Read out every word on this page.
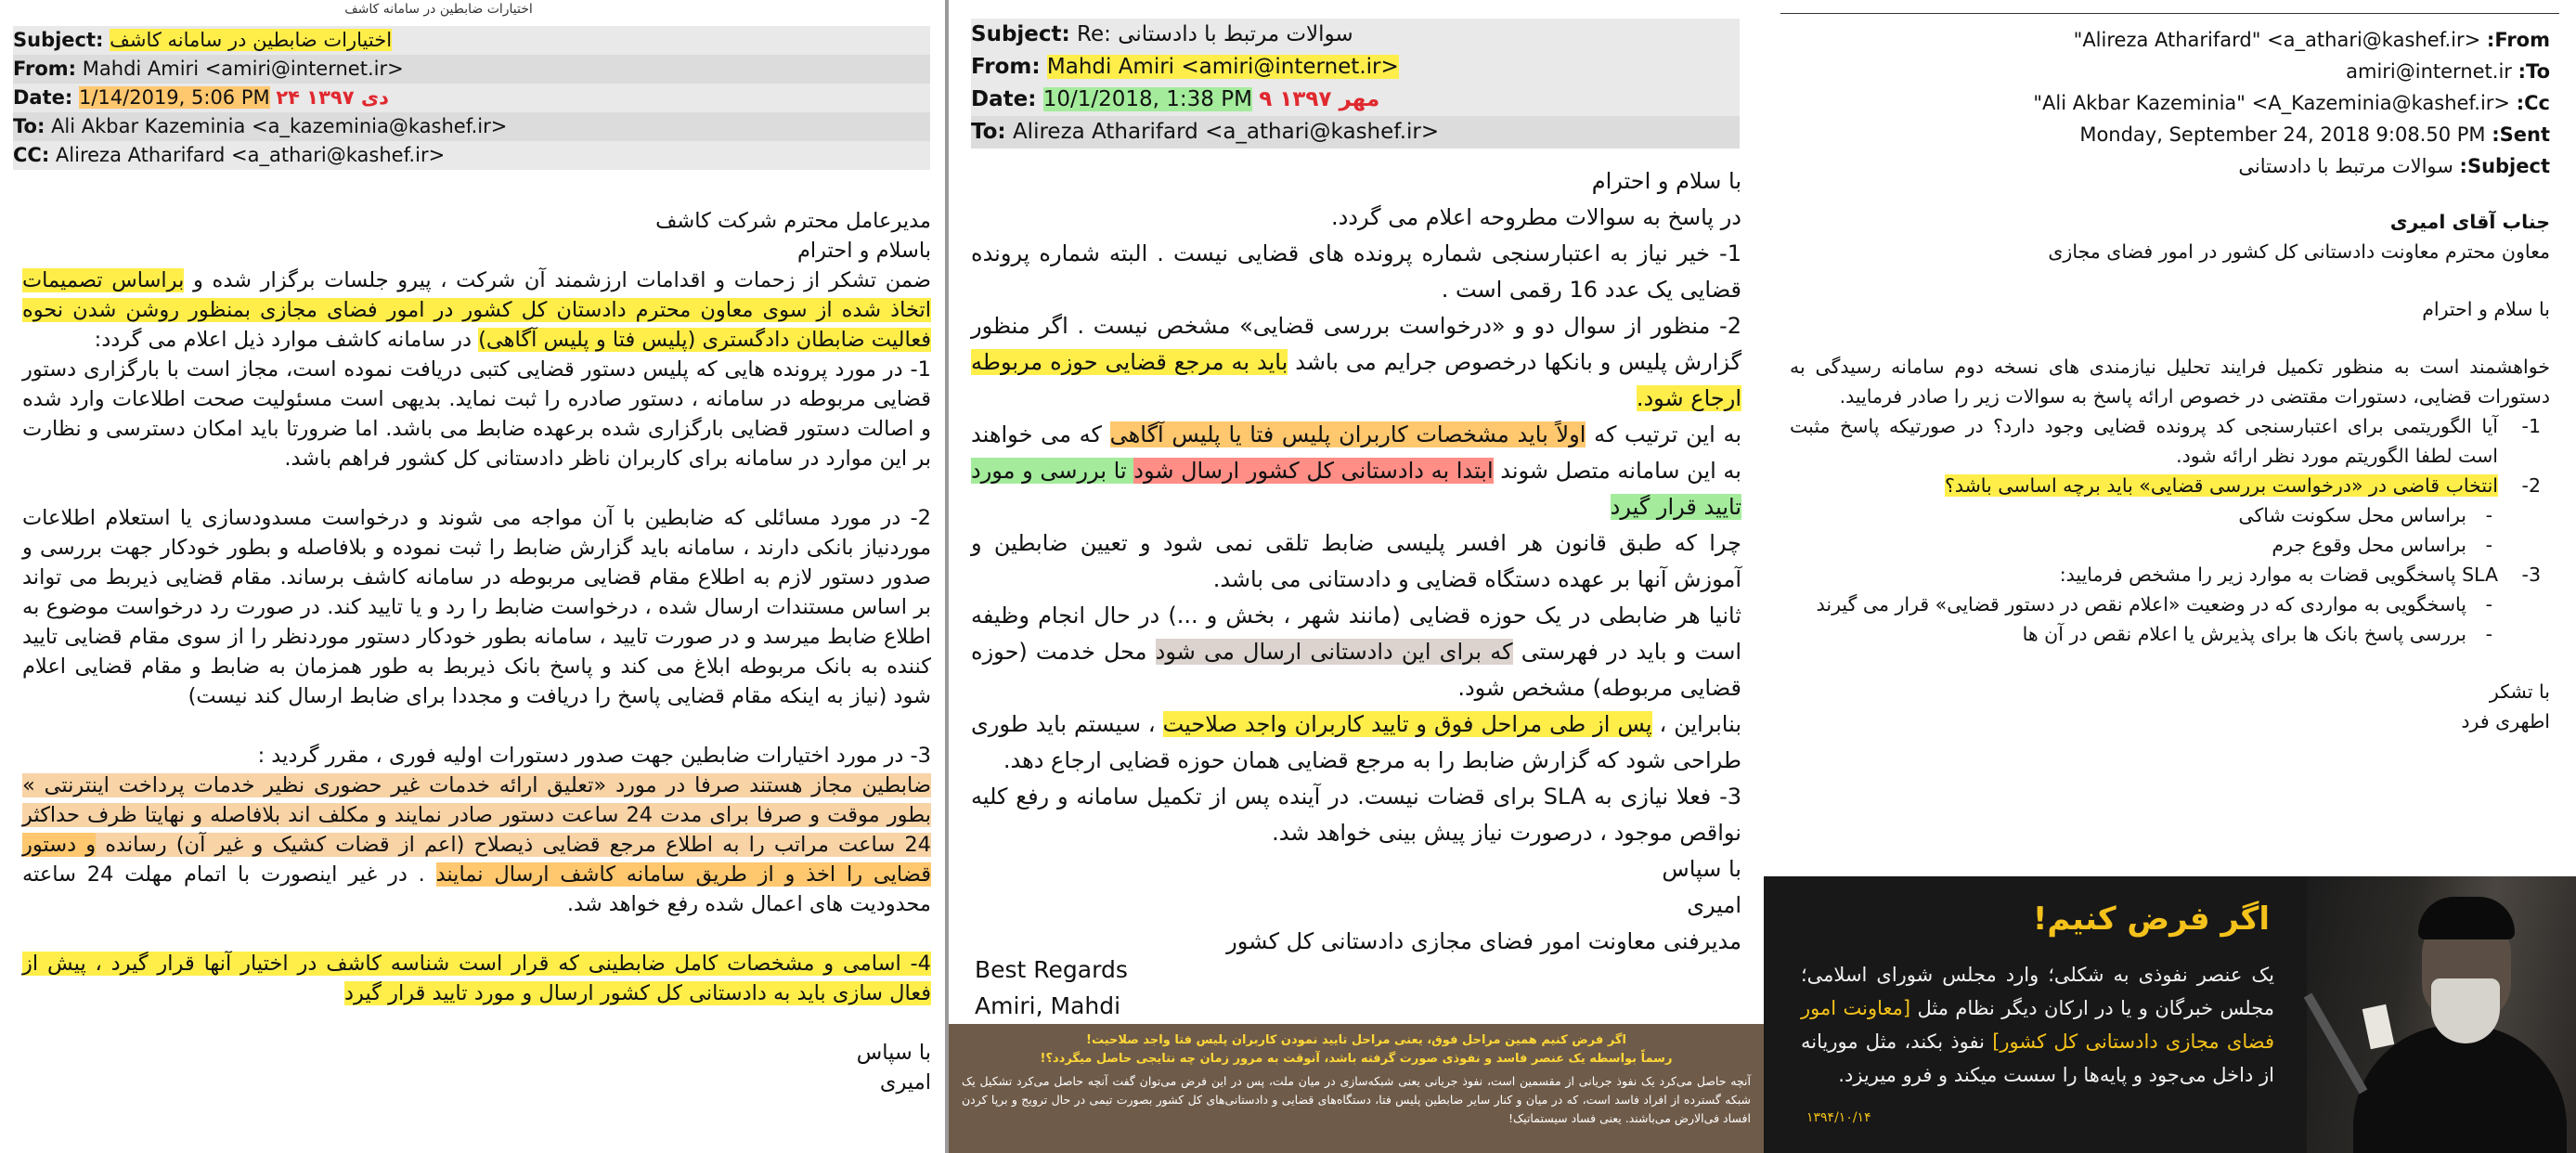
اختیارات ضابطین در سامانه کاشف
Subject: اختیارات ضابطین در سامانه کاشف
From: Mahdi Amiri <amiri@internet.ir>
Date: 1/14/2019, 5:06 PM ۲۴ دی ۱۳۹۷
To: Ali Akbar Kazeminia <a_kazeminia@kashef.ir>
CC: Alireza Atharifard <a_athari@kashef.ir>

مدیرعامل محترم شرکت کاشف

باسلام و احترام

ضمن تشکر از زحمات و اقدامات ارزشمند آن شرکت ، پیرو جلسات برگزار شده و براساس تصمیمات اتخاذ شده از سوی معاون محترم دادستان کل کشور در امور فضای مجازی بمنظور روشن شدن نحوه فعالیت ضابطان دادگستری (پلیس فتا و پلیس آگاهی) در سامانه کاشف موارد ذیل اعلام می گردد:

1- در مورد پرونده هایی که پلیس دستور قضایی کتبی دریافت نموده است، مجاز است با بارگزاری دستور قضایی مربوطه در سامانه ، دستور صادره را ثبت نماید. بدیهی است مسئولیت صحت اطلاعات وارد شده و اصالت دستور قضایی بارگزاری شده برعهده ضابط می باشد. اما ضرورتا باید امکان دسترسی و نظارت بر این موارد در سامانه برای کاربران ناظر دادستانی کل کشور فراهم باشد.

2- در مورد مسائلی که ضابطین با آن مواجه می شوند و درخواست مسدودسازی یا استعلام اطلاعات موردنیاز بانکی دارند ، سامانه باید گزارش ضابط را ثبت نموده و بلافاصله و بطور خودکار جهت بررسی و صدور دستور لازم به اطلاع مقام قضایی مربوطه در سامانه کاشف برساند. مقام قضایی ذیربط می تواند بر اساس مستندات ارسال شده ، درخواست ضابط را رد و یا تایید کند. در صورت رد درخواست موضوع به اطلاع ضابط میرسد و در صورت تایید ، سامانه بطور خودکار دستور موردنظر را از سوی مقام قضایی تایید کننده به بانک مربوطه ابلاغ می کند و پاسخ بانک ذیربط به طور همزمان به ضابط و مقام قضایی اعلام شود (نیاز به اینکه مقام قضایی پاسخ را دریافت و مجددا برای ضابط ارسال کند نیست)

3- در مورد اختیارات ضابطین جهت صدور دستورات اولیه فوری ، مقرر گردید :

ضابطین مجاز هستند صرفا در مورد «تعلیق ارائه خدمات غیر حضوری نظیر خدمات پرداخت اینترنتی » بطور موقت و صرفا برای مدت 24 ساعت دستور صادر نمایند و مکلف اند بلافاصله و نهایتا ظرف حداکثر 24 ساعت مراتب را به اطلاع مرجع قضایی ذیصلاح (اعم از قضات کشیک و غیر آن) رسانده و دستور قضایی را اخذ و از طریق سامانه کاشف ارسال نمایند . در غیر اینصورت با اتمام مهلت 24 ساعته محدودیت های اعمال شده رفع خواهد شد.

4- اسامی و مشخصات کامل ضابطینی که قرار است شناسه کاشف در اختیار آنها قرار گیرد ، پیش از فعال سازی باید به دادستانی کل کشور ارسال و مورد تایید قرار گیرد

با سپاس

امیری

Subject: Re: سوالات مرتبط با دادستانی
From: Mahdi Amiri <amiri@internet.ir>
Date: 10/1/2018, 1:38 PM ۹ مهر ۱۳۹۷
To: Alireza Atharifard <a_athari@kashef.ir>

با سلام و احترام

در پاسخ به سوالات مطروحه اعلام می گردد.

1- خیر نیاز به اعتبارسنجی شماره پرونده های قضایی نیست . البته شماره پرونده قضایی یک عدد 16 رقمی است .

2- منظور از سوال دو و «درخواست بررسی قضایی» مشخص نیست . اگر منظور گزارش پلیس و بانکها درخصوص جرایم می باشد باید به مرجع قضایی حوزه مربوطه ارجاع شود.

به این ترتیب که اولاً باید مشخصات کاربران پلیس فتا یا پلیس آگاهی که می خواهند به این سامانه متصل شوند ابتدا به دادستانی کل کشور ارسال شود تا بررسی و مورد تایید قرار گیرد

چرا که طبق قانون هر افسر پلیسی ضابط تلقی نمی شود و تعیین ضابطین و آموزش آنها بر عهده دستگاه قضایی و دادستانی می باشد.

ثانیا هر ضابطی در یک حوزه قضایی (مانند شهر ، بخش و ...) در حال انجام وظیفه است و باید در فهرستی که برای این دادستانی ارسال می شود محل خدمت (حوزه قضایی مربوطه) مشخص شود.

بنابراین ، پس از طی مراحل فوق و تایید کاربران واجد صلاحیت ، سیستم باید طوری طراحی شود که گزارش ضابط را به مرجع قضایی همان حوزه قضایی ارجاع دهد.

3- فعلا نیازی به SLA برای قضات نیست. در آینده پس از تکمیل سامانه و رفع کلیه نواقص موجود ، درصورت نیاز پیش بینی خواهد شد.

با سپاس

امیری

مدیرفنی معاونت امور فضای مجازی دادستانی کل کشور

Best Regards
Amiri, Mahdi
اگر فرض کنیم همین مراحل فوق، یعنی مراحل تایید نمودن کاربران پلیس فتا واجد صلاحیت!
رسماً بواسطه یک عنصر فاسد و نفوذی صورت گرفته باشد، آنوقت به مرور زمان چه نتایجی حاصل میگردد؟!
آنچه حاصل می‌کرد یک نفوذ جریانی از مقسمین است، نفوذ جریانی یعنی شبکه‌سازی در میان ملت، پس در این فرض می‌توان گفت آنچه حاصل می‌کرد تشکیل یک شبکه گسترده از افراد فاسد است، که در میان و کنار سایر ضابطین پلیس فتا، دستگاه‌های قضایی و دادستانی‌های کل کشور بصورت تیمی در حال ترویج و برپا کردن افساد فی‌الارض می‌باشند. یعنی فساد سیستماتیک!
From: "Alireza Atharifard" <a_athari@kashef.ir>
To: amiri@internet.ir
Cc: "Ali Akbar Kazeminia" <A_Kazeminia@kashef.ir>
Sent: Monday, September 24, 2018 9:08.50 PM
Subject: سوالات مرتبط با دادستانی

جناب آقای امیری

معاون محترم معاونت دادستانی کل کشور در امور فضای مجازی

با سلام و احترام

خواهشمند است به منظور تکمیل فرایند تحلیل نیازمندی های نسخه دوم سامانه رسیدگی به دستورات قضایی، دستورات مقتضی در خصوص ارائه پاسخ به سوالات زیر را صادر فرمایید.

1-
آیا الگوریتمی برای اعتبارسنجی کد پرونده قضایی وجود دارد؟ در صورتیکه پاسخ مثبت است لطفا الگوریتم مورد نظر ارائه شود.

2-
انتخاب قاضی در «درخواست بررسی قضایی» باید برچه اساسی باشد؟

-
براساس محل سکونت شاکی

-
براساس محل وقوع جرم

3-
SLA پاسخگویی قضات به موارد زیر را مشخص فرمایید:

-
پاسخگویی به مواردی که در وضعیت «اعلام نقص در دستور قضایی» قرار می گیرند

-
بررسی پاسخ بانک ها برای پذیرش یا اعلام نقص در آن ها

با تشکر

اطهری فرد

اگر فرض کنیم!
یک عنصر نفوذی به شکلی؛ وارد مجلس شورای اسلامی؛ مجلس خبرگان و یا در ارکان دیگر نظام مثل [معاونت امور فضای مجازی دادستانی کل کشور] نفوذ بکند، مثل موریانه از داخل می‌جود و پایه‌ها را سست میکند و فرو میریزد.
۱۳۹۴/۱۰/۱۴
